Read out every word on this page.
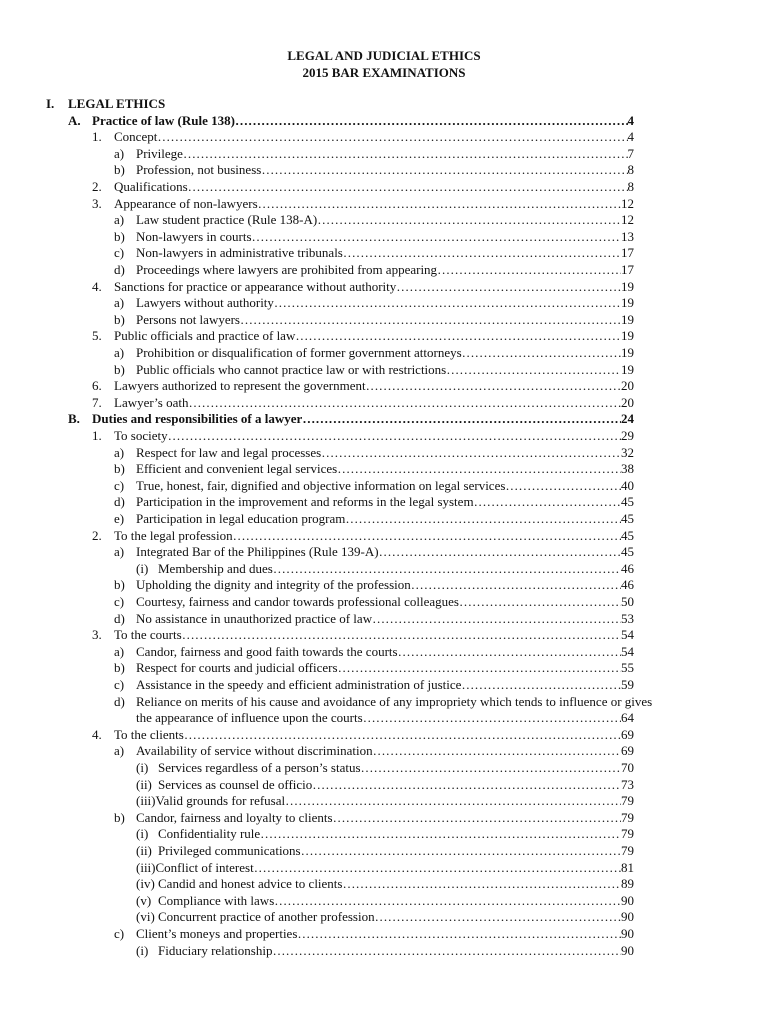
LEGAL AND JUDICIAL ETHICS
2015 BAR EXAMINATIONS
I.	LEGAL ETHICS
A. Practice of law (Rule 138) ………………………………………………………………………………………………………………………………………………………………………………………………………………………………………………………………………………	4
1. Concept ………………………………………………………………………………………………………………………………………………………………………………………………………………………………………………………………………………	4
a) Privilege ………………………………………………………………………………………………………………………………………………………………………………………………………………………………………………………………………………	7
b) Profession, not business ………………………………………………………………………………………………………………………………………………………………………………………………………………………………………………………………………………	8
2. Qualifications ………………………………………………………………………………………………………………………………………………………………………………………………………………………………………………………………………………	8
3. Appearance of non-lawyers ………………………………………………………………………………………………………………………………………………………………………………………………………………………………………………………………………………	12
a) Law student practice (Rule 138-A) ………………………………………………………………………………………………………………………………………………………………………………………………………………………………………………………………………………	12
b) Non-lawyers in courts ………………………………………………………………………………………………………………………………………………………………………………………………………………………………………………………………………………	13
c) Non-lawyers in administrative tribunals ………………………………………………………………………………………………………………………………………………………………………………………………………………………………………………………………………………	17
d) Proceedings where lawyers are prohibited from appearing ………………………………………………………………………………………………………………………………………………………………………………………………………………………………………………………………………………	17
4. Sanctions for practice or appearance without authority ………………………………………………………………………………………………………………………………………………………………………………………………………………………………………………………………………………	19
a) Lawyers without authority ………………………………………………………………………………………………………………………………………………………………………………………………………………………………………………………………………………	19
b) Persons not lawyers ………………………………………………………………………………………………………………………………………………………………………………………………………………………………………………………………………………	19
5. Public officials and practice of law ………………………………………………………………………………………………………………………………………………………………………………………………………………………………………………………………………………	19
a) Prohibition or disqualification of former government attorneys ………………………………………………………………………………………………………………………………………………………………………………………………………………………………………………………………………………	19
b) Public officials who cannot practice law or with restrictions ………………………………………………………………………………………………………………………………………………………………………………………………………………………………………………………………………………	19
6. Lawyers authorized to represent the government ………………………………………………………………………………………………………………………………………………………………………………………………………………………………………………………………………………	20
7. Lawyer’s oath ………………………………………………………………………………………………………………………………………………………………………………………………………………………………………………………………………………	20
B. Duties and responsibilities of a lawyer ………………………………………………………………………………………………………………………………………………………………………………………………………………………………………………………………………………	24
1. To society ………………………………………………………………………………………………………………………………………………………………………………………………………………………………………………………………………………	29
a) Respect for law and legal processes ………………………………………………………………………………………………………………………………………………………………………………………………………………………………………………………………………………	32
b) Efficient and convenient legal services ………………………………………………………………………………………………………………………………………………………………………………………………………………………………………………………………………………	38
c) True, honest, fair, dignified and objective information on legal services ………………………………………………………………………………………………………………………………………………………………………………………………………………………………………………………………………………	40
d) Participation in the improvement and reforms in the legal system ………………………………………………………………………………………………………………………………………………………………………………………………………………………………………………………………………………	45
e) Participation in legal education program ………………………………………………………………………………………………………………………………………………………………………………………………………………………………………………………………………………	45
2. To the legal profession ………………………………………………………………………………………………………………………………………………………………………………………………………………………………………………………………………………	45
a) Integrated Bar of the Philippines (Rule 139-A) ………………………………………………………………………………………………………………………………………………………………………………………………………………………………………………………………………………	45
(i) Membership and dues ………………………………………………………………………………………………………………………………………………………………………………………………………………………………………………………………………………	46
b) Upholding the dignity and integrity of the profession ………………………………………………………………………………………………………………………………………………………………………………………………………………………………………………………………………………	46
c) Courtesy, fairness and candor towards professional colleagues ………………………………………………………………………………………………………………………………………………………………………………………………………………………………………………………………………………	50
d) No assistance in unauthorized practice of law ………………………………………………………………………………………………………………………………………………………………………………………………………………………………………………………………………………	53
3. To the courts ………………………………………………………………………………………………………………………………………………………………………………………………………………………………………………………………………………	54
a) Candor, fairness and good faith towards the courts ………………………………………………………………………………………………………………………………………………………………………………………………………………………………………………………………………………	54
b) Respect for courts and judicial officers ………………………………………………………………………………………………………………………………………………………………………………………………………………………………………………………………………………	55
c) Assistance in the speedy and efficient administration of justice ………………………………………………………………………………………………………………………………………………………………………………………………………………………………………………………………………………	59
d) Reliance on merits of his cause and avoidance of any impropriety which tends to influence or gives
the appearance of influence upon the courts ………………………………………………………………………………………………………………………………………………………………………………………………………………………………………………………………………………	64
4. To the clients ………………………………………………………………………………………………………………………………………………………………………………………………………………………………………………………………………………	69
a) Availability of service without discrimination ………………………………………………………………………………………………………………………………………………………………………………………………………………………………………………………………………………	69
(i) Services regardless of a person’s status ………………………………………………………………………………………………………………………………………………………………………………………………………………………………………………………………………………	70
(ii) Services as counsel de officio ………………………………………………………………………………………………………………………………………………………………………………………………………………………………………………………………………………	73
(iii) Valid grounds for refusal ………………………………………………………………………………………………………………………………………………………………………………………………………………………………………………………………………………	79
b) Candor, fairness and loyalty to clients ………………………………………………………………………………………………………………………………………………………………………………………………………………………………………………………………………………	79
(i) Confidentiality rule ………………………………………………………………………………………………………………………………………………………………………………………………………………………………………………………………………………	79
(ii) Privileged communications ………………………………………………………………………………………………………………………………………………………………………………………………………………………………………………………………………………	79
(iii) Conflict of interest ………………………………………………………………………………………………………………………………………………………………………………………………………………………………………………………………………………	81
(iv) Candid and honest advice to clients ………………………………………………………………………………………………………………………………………………………………………………………………………………………………………………………………………………	89
(v) Compliance with laws ………………………………………………………………………………………………………………………………………………………………………………………………………………………………………………………………………………	90
(vi) Concurrent practice of another profession ………………………………………………………………………………………………………………………………………………………………………………………………………………………………………………………………………………	90
c) Client’s moneys and properties ………………………………………………………………………………………………………………………………………………………………………………………………………………………………………………………………………………	90
(i) Fiduciary relationship ………………………………………………………………………………………………………………………………………………………………………………………………………………………………………………………………………………	90
